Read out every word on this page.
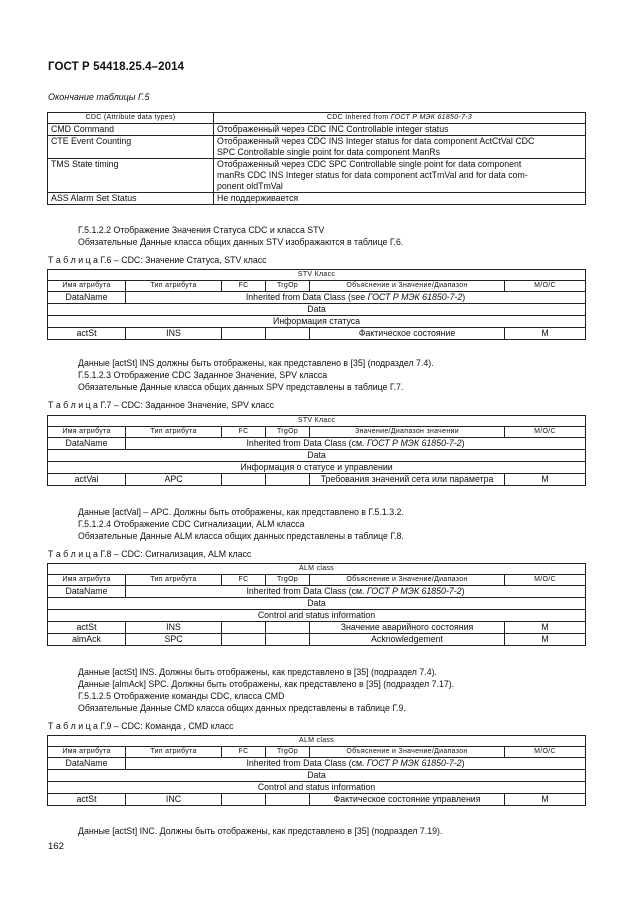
ГОСТ Р 54418.25.4–2014
Окончание таблицы Г.5
CDC (Attribute data types)	CDC Inhered from ГОСТ Р МЭК 61850-7-3
CMD Command	Отображенный через CDC INC Controllable integer status
CTE Event Counting	Отображенный через CDC INS Integer status for data component ActCtVal CDC
SPC Controllable single point for data component ManRs

TMS State timing	Отображенный через CDC SPC Controllable single point for data component
manRs CDC INS Integer status for data component actTmVal and for data com-
ponent oldTmVal

ASS Alarm Set Status	Не поддерживается
Г.5.1.2.2 Отображение Значения Статуса CDC и класса STV
Обязательные Данные класса общих данных STV изображаются в таблице Г.6.
Т а б л и ц а Г.6 – CDC: Значение Статуса, STV класс
STV Класс					
Имя атрибута	Тип атрибута	FC	TrgOp	Объяснение и Значение/Диапазон	M/O/C
DataName	Inherited from Data Class (see ГОСТ Р МЭК 61850-7-2)				
Data					
Информация статуса					
actSt	INS			Фактическое состояние	M
Данные [actSt] INS должны быть отображены, как представлено в [35] (подраздел 7.4).
Г.5.1.2.3 Отображение CDC Заданное Значение, SPV класса
Обязательные Данные класса общих данных SPV представлены в таблице Г.7.
Т а б л и ц а Г.7 – CDC: Заданное Значение, SPV класс
STV Класс					
Имя атрибута	Тип атрибута	FC	TrgOp	Значение/Диапазон значении	M/O/C
DataName	Inherited from Data Class (см. ГОСТ Р МЭК 61850-7-2)				
Data					
Информация о статусе и управлении					
actVal	APC			Требования значений сета или параметра	M
Данные [actVal] – APC. Должны быть отображены, как представлено в Г.5.1.3.2.
Г.5.1.2.4 Отображение CDC Сигнализации, ALM класса
Обязательные Данные ALM класса общих данных представлены в таблице Г.8.
Т а б л и ц а Г.8 – CDC: Сигнализация, ALM класс
ALM class					
Имя атрибута	Тип атрибута	FC	TrgOp	Объяснение и Значение/Диапазон	M/O/C
DataName	Inherited from Data Class (см. ГОСТ Р МЭК 61850-7-2)				
Data					
Control and status information					
actSt	INS			Значение аварийного состояния	M
almAck	SPC			Acknowledgement	M
Данные [actSt] INS. Должны быть отображены, как представлено в [35] (подраздел 7.4).
Данные [almAck] SPC. Должны быть отображены, как представлено в [35] (подраздел 7.17).
Г.5.1.2.5 Отображение команды CDC, класса CMD
Обязательные Данные CMD класса общих данных представлены в таблице Г.9.
Т а б л и ц а Г.9 – CDC: Команда , CMD класс
ALM class					
Имя атрибута	Тип атрибута	FC	TrgOp	Объяснение и Значение/Диапазон	M/O/C
DataName	Inherited from Data Class (см. ГОСТ Р МЭК 61850-7-2)				
Data					
Control and status information					
actSt	INC			Фактическое состояние управления	M
Данные [actSt] INC. Должны быть отображены, как представлено в [35] (подраздел 7.19).
162
